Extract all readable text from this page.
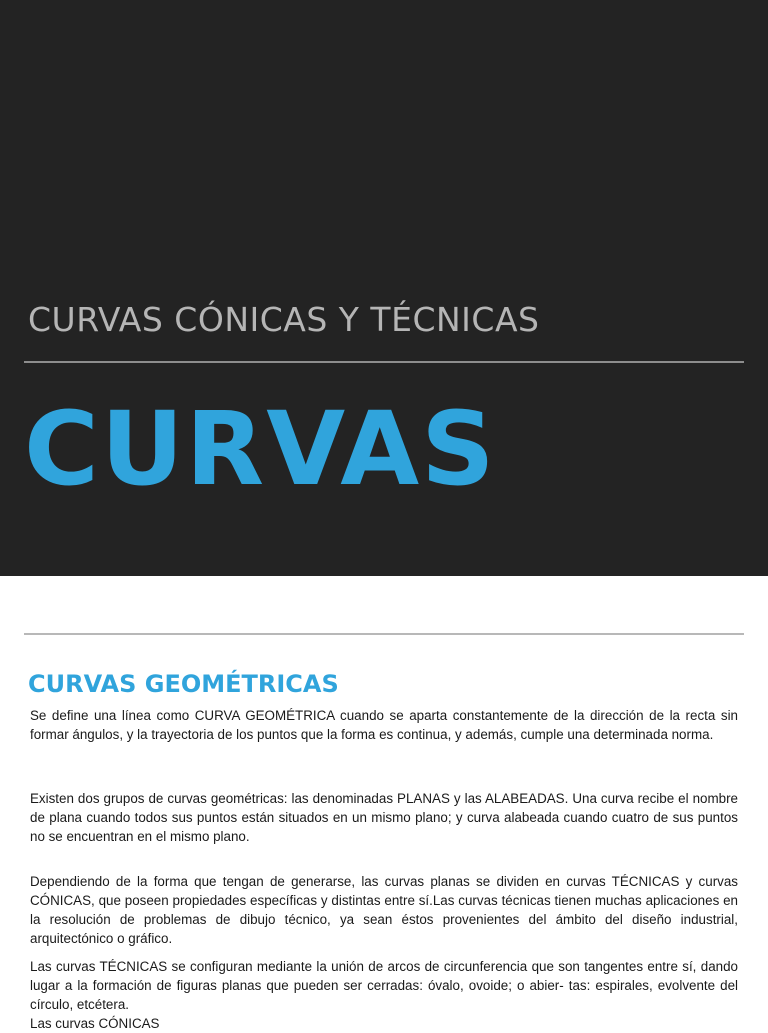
CURVAS CÓNICAS Y TÉCNICAS
CURVAS
CURVAS GEOMÉTRICAS

Se define una línea como CURVA GEOMÉTRICA cuando se aparta constantemente de la dirección de la recta sin formar ángulos, y la trayectoria de los puntos que la forma es continua, y además, cumple una determinada norma.

Existen dos grupos de curvas geométricas: las denominadas PLANAS y las ALABEADAS. Una curva recibe el nombre de plana cuando todos sus puntos están situados en un mismo plano; y curva alabeada cuando cuatro de sus puntos no se encuentran en el mismo plano.

Dependiendo de la forma que tengan de generarse, las curvas planas se dividen en curvas TÉCNICAS y curvas CÓNICAS, que poseen propiedades específicas y distintas entre sí.Las curvas técnicas tienen muchas aplicaciones en la resolución de problemas de dibujo técnico, ya sean éstos provenientes del ámbito del diseño industrial, arquitectónico o gráfico.

Las curvas TÉCNICAS se configuran mediante la unión de arcos de circunferencia que son tangentes entre sí, dando lugar a la formación de figuras planas que pueden ser cerradas: óvalo, ovoide; o abier- tas: espirales, evolvente del círculo, etcétera.

Las curvas CÓNICAS
